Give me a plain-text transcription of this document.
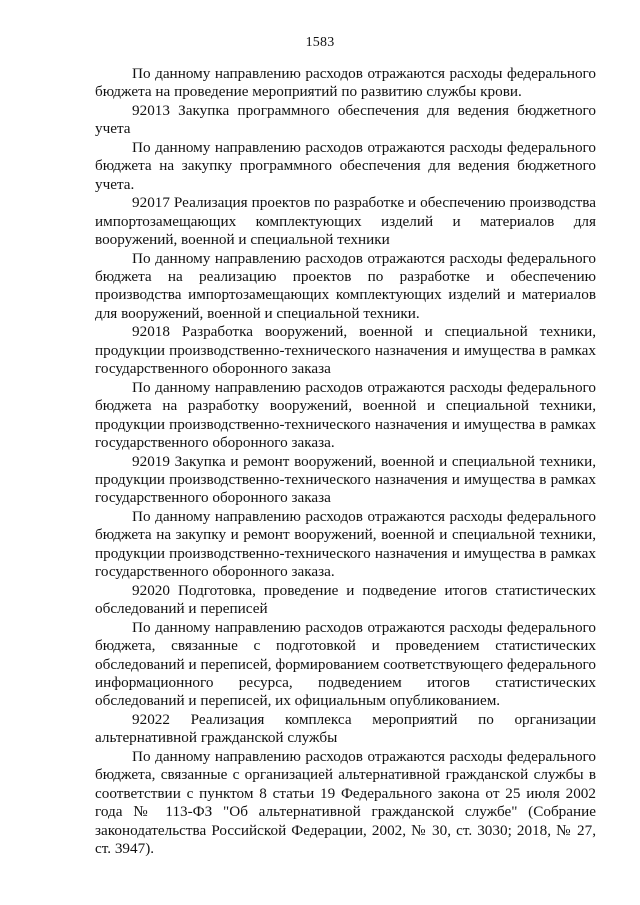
1583

По данному направлению расходов отражаются расходы федерального бюджета на проведение мероприятий по развитию службы крови.

92013 Закупка программного обеспечения для ведения бюджетного учета

По данному направлению расходов отражаются расходы федерального бюджета на закупку программного обеспечения для ведения бюджетного учета.

92017 Реализация проектов по разработке и обеспечению производства импортозамещающих комплектующих изделий и материалов для вооружений, военной и специальной техники

По данному направлению расходов отражаются расходы федерального бюджета на реализацию проектов по разработке и обеспечению производства импортозамещающих комплектующих изделий и материалов для вооружений, военной и специальной техники.

92018 Разработка вооружений, военной и специальной техники, продукции производственно-технического назначения и имущества в рамках государственного оборонного заказа

По данному направлению расходов отражаются расходы федерального бюджета на разработку вооружений, военной и специальной техники, продукции производственно-технического назначения и имущества в рамках государственного оборонного заказа.

92019 Закупка и ремонт вооружений, военной и специальной техники, продукции производственно-технического назначения и имущества в рамках государственного оборонного заказа

По данному направлению расходов отражаются расходы федерального бюджета на закупку и ремонт вооружений, военной и специальной техники, продукции производственно-технического назначения и имущества в рамках государственного оборонного заказа.

92020 Подготовка, проведение и подведение итогов статистических обследований и переписей

По данному направлению расходов отражаются расходы федерального бюджета, связанные с подготовкой и проведением статистических обследований и переписей, формированием соответствующего федерального информационного ресурса, подведением итогов статистических обследований и переписей, их официальным опубликованием.

92022 Реализация комплекса мероприятий по организации альтернативной гражданской службы

По данному направлению расходов отражаются расходы федерального бюджета, связанные с организацией альтернативной гражданской службы в соответствии с пунктом 8 статьи 19 Федерального закона от 25 июля 2002 года № 113-ФЗ "Об альтернативной гражданской службе" (Собрание законодательства Российской Федерации, 2002, № 30, ст. 3030; 2018, № 27, ст. 3947).
